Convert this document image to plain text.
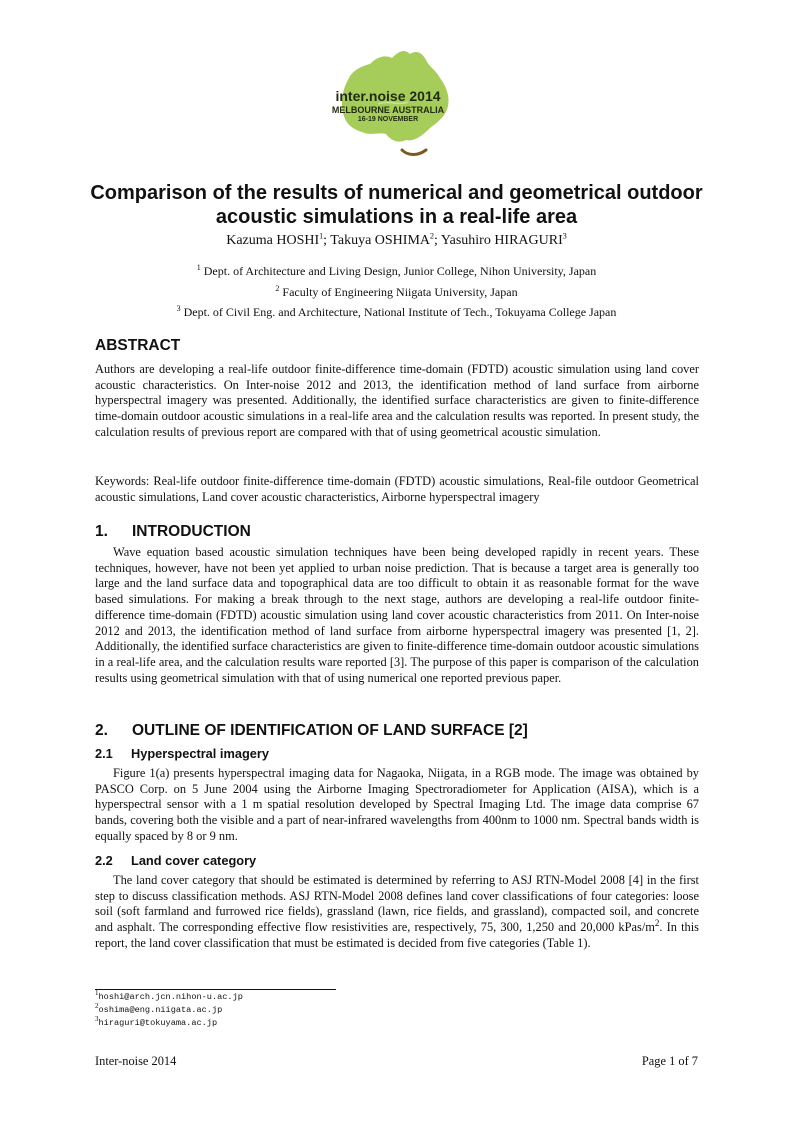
inter.noise 2014
MELBOURNE AUSTRALIA
16-19 NOVEMBER
Comparison of the results of numerical and geometrical outdoor
acoustic simulations in a real-life area
Kazuma HOSHI$^1$; Takuya OSHIMA$^2$; Yasuhiro HIRAGURI$^3$
$^1$ Dept. of Architecture and Living Design, Junior College, Nihon University, Japan
$^2$ Faculty of Engineering Niigata University, Japan
$^3$ Dept. of Civil Eng. and Architecture, National Institute of Tech., Tokuyama College Japan
ABSTRACT
Authors are developing a real-life outdoor finite-difference time-domain (FDTD) acoustic simulation using land cover acoustic characteristics. On Inter-noise 2012 and 2013, the identification method of land surface from airborne hyperspectral imagery was presented. Additionally, the identified surface characteristics are given to finite-difference time-domain outdoor acoustic simulations in a real-life area and the calculation results was reported. In present study, the calculation results of previous report are compared with that of using geometrical acoustic simulation.
Keywords: Real-life outdoor finite-difference time-domain (FDTD) acoustic simulations, Real-file outdoor Geometrical acoustic simulations, Land cover acoustic characteristics, Airborne hyperspectral imagery
1. INTRODUCTION
Wave equation based acoustic simulation techniques have been being developed rapidly in recent years. These techniques, however, have not been yet applied to urban noise prediction. That is because a target area is generally too large and the land surface data and topographical data are too difficult to obtain it as reasonable format for the wave based simulations. For making a break through to the next stage, authors are developing a real-life outdoor finite-difference time-domain (FDTD) acoustic simulation using land cover acoustic characteristics from 2011. On Inter-noise 2012 and 2013, the identification method of land surface from airborne hyperspectral imagery was presented [1, 2]. Additionally, the identified surface characteristics are given to finite-difference time-domain outdoor acoustic simulations in a real-life area, and the calculation results ware reported [3]. The purpose of this paper is comparison of the calculation results using geometrical simulation with that of using numerical one reported previous paper.
2. OUTLINE OF IDENTIFICATION OF LAND SURFACE [2]
2.1 Hyperspectral imagery
Figure 1(a) presents hyperspectral imaging data for Nagaoka, Niigata, in a RGB mode. The image was obtained by PASCO Corp. on 5 June 2004 using the Airborne Imaging Spectroradiometer for Application (AISA), which is a hyperspectral sensor with a 1 m spatial resolution developed by Spectral Imaging Ltd. The image data comprise 67 bands, covering both the visible and a part of near-infrared wavelengths from 400nm to 1000 nm. Spectral bands width is equally spaced by 8 or 9 nm.
2.2 Land cover category
The land cover category that should be estimated is determined by referring to ASJ RTN-Model 2008 [4] in the first step to discuss classification methods. ASJ RTN-Model 2008 defines land cover classifications of four categories: loose soil (soft farmland and furrowed rice fields), grassland (lawn, rice fields, and grassland), compacted soil, and concrete and asphalt. The corresponding effective flow resistivities are, respectively, 75, 300, 1,250 and 20,000 kPas/$m^2$. In this report, the land cover classification that must be estimated is decided from five categories (Table 1).
$^1$hoshi@arch.jcn.nihon-u.ac.jp
$^2$oshima@eng.niigata.ac.jp
$^3$hiraguri@tokuyama.ac.jp
Inter-noise 2014	Page 1 of 7
